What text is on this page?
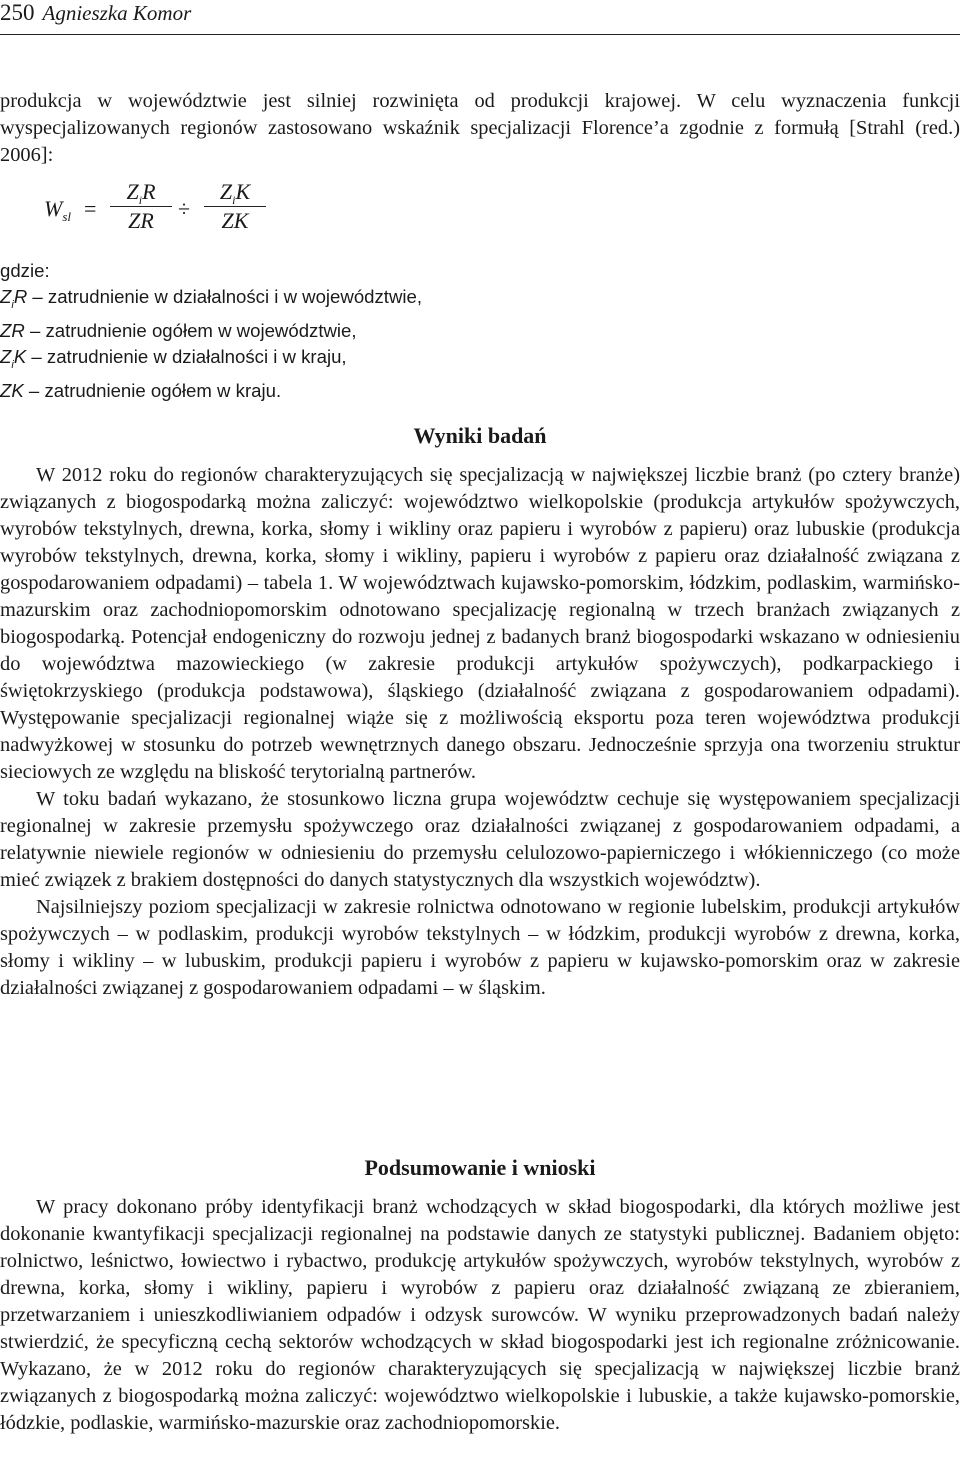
250 Agnieszka Komor

produkcja w województwie jest silniej rozwinięta od produkcji krajowej. W celu wyznaczenia funkcji wyspecjalizowanych regionów zastosowano wskaźnik specjalizacji Florence’a zgodnie z formułą [Strahl (red.) 2006]:

$W_{sl}$ =
$Z_iR$
ZR	÷
$Z_iK$
ZK
gdzie:
$Z_iR$ – zatrudnienie w działalności i w województwie,
ZR – zatrudnienie ogółem w województwie,
$Z_iK$ – zatrudnienie w działalności i w kraju,
ZK – zatrudnienie ogółem w kraju.
Wyniki badań

W 2012 roku do regionów charakteryzujących się specjalizacją w największej liczbie branż (po cztery branże) związanych z biogospodarką można zaliczyć: województwo wielkopolskie (produkcja artykułów spożywczych, wyrobów tekstylnych, drewna, korka, słomy i wikliny oraz papieru i wyrobów z papieru) oraz lubuskie (produkcja wyrobów tekstylnych, drewna, korka, słomy i wikliny, papieru i wyrobów z papieru oraz działalność związana z gospodarowaniem odpadami) – tabela 1. W województwach kujawsko-pomorskim, łódzkim, podlaskim, warmińsko-mazurskim oraz zachodniopomorskim odnotowano specjalizację regionalną w trzech branżach związanych z biogospodarką. Potencjał endogeniczny do rozwoju jednej z badanych branż biogospodarki wskazano w odniesieniu do województwa mazowieckiego (w zakresie produkcji artykułów spożywczych), podkarpackiego i świętokrzyskiego (produkcja podstawowa), śląskiego (działalność związana z gospodarowaniem odpadami). Występowanie specjalizacji regionalnej wiąże się z możliwością eksportu poza teren województwa produkcji nadwyżkowej w stosunku do potrzeb wewnętrznych danego obszaru. Jednocześnie sprzyja ona tworzeniu struktur sieciowych ze względu na bliskość terytorialną partnerów.

W toku badań wykazano, że stosunkowo liczna grupa województw cechuje się występowaniem specjalizacji regionalnej w zakresie przemysłu spożywczego oraz działalności związanej z gospodarowaniem odpadami, a relatywnie niewiele regionów w odniesieniu do przemysłu celulozowo-papierniczego i włókienniczego (co może mieć związek z brakiem dostępności do danych statystycznych dla wszystkich województw).

Najsilniejszy poziom specjalizacji w zakresie rolnictwa odnotowano w regionie lubelskim, produkcji artykułów spożywczych – w podlaskim, produkcji wyrobów tekstylnych – w łódzkim, produkcji wyrobów z drewna, korka, słomy i wikliny – w lubuskim, produkcji papieru i wyrobów z papieru w kujawsko-pomorskim oraz w zakresie działalności związanej z gospodarowaniem odpadami – w śląskim.

Podsumowanie i wnioski

W pracy dokonano próby identyfikacji branż wchodzących w skład biogospodarki, dla których możliwe jest dokonanie kwantyfikacji specjalizacji regionalnej na podstawie danych ze statystyki publicznej. Badaniem objęto: rolnictwo, leśnictwo, łowiectwo i rybactwo, produkcję artykułów spożywczych, wyrobów tekstylnych, wyrobów z drewna, korka, słomy i wikliny, papieru i wyrobów z papieru oraz działalność związaną ze zbieraniem, przetwarzaniem i unieszkodliwianiem odpadów i odzysk surowców. W wyniku przeprowadzonych badań należy stwierdzić, że specyficzną cechą sektorów wchodzących w skład biogospodarki jest ich regionalne zróżnicowanie. Wykazano, że w 2012 roku do regionów charakteryzujących się specjalizacją w największej liczbie branż związanych z biogospodarką można zaliczyć: województwo wielkopolskie i lubuskie, a także kujawsko-pomorskie, łódzkie, podlaskie, warmińsko-mazurskie oraz zachodniopomorskie.
